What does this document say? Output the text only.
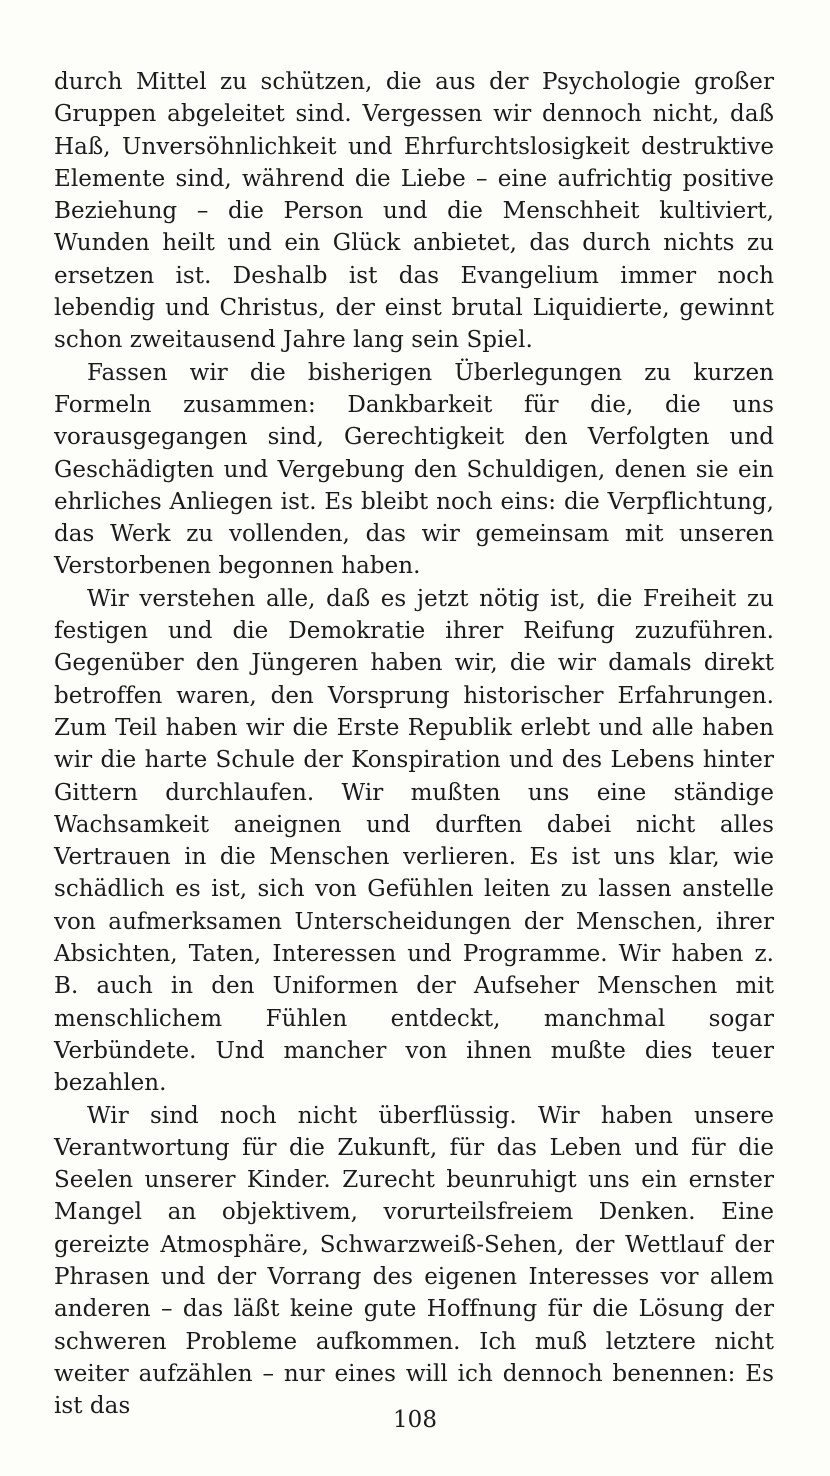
durch Mittel zu schützen, die aus der Psychologie großer Gruppen abgeleitet sind. Vergessen wir dennoch nicht, daß Haß, Unversöhnlichkeit und Ehrfurchtslosigkeit destruktive Elemente sind, während die Liebe – eine aufrichtig positive Beziehung – die Person und die Menschheit kultiviert, Wunden heilt und ein Glück anbietet, das durch nichts zu ersetzen ist. Deshalb ist das Evangelium immer noch lebendig und Christus, der einst brutal Liquidierte, gewinnt schon zweitausend Jahre lang sein Spiel.

Fassen wir die bisherigen Überlegungen zu kurzen Formeln zusammen: Dankbarkeit für die, die uns vorausgegangen sind, Gerechtigkeit den Verfolgten und Geschädigten und Vergebung den Schuldigen, denen sie ein ehrliches Anliegen ist. Es bleibt noch eins: die Verpflichtung, das Werk zu vollenden, das wir gemeinsam mit unseren Verstorbenen begonnen haben.

Wir verstehen alle, daß es jetzt nötig ist, die Freiheit zu festigen und die Demokratie ihrer Reifung zuzuführen. Gegenüber den Jüngeren haben wir, die wir damals direkt betroffen waren, den Vorsprung historischer Erfahrungen. Zum Teil haben wir die Erste Republik erlebt und alle haben wir die harte Schule der Konspiration und des Lebens hinter Gittern durchlaufen. Wir mußten uns eine ständige Wachsamkeit aneignen und durften dabei nicht alles Vertrauen in die Menschen verlieren. Es ist uns klar, wie schädlich es ist, sich von Gefühlen leiten zu lassen anstelle von aufmerksamen Unterscheidungen der Menschen, ihrer Absichten, Taten, Interessen und Programme. Wir haben z. B. auch in den Uniformen der Aufseher Menschen mit menschlichem Fühlen entdeckt, manchmal sogar Verbündete. Und mancher von ihnen mußte dies teuer bezahlen.

Wir sind noch nicht überflüssig. Wir haben unsere Verantwortung für die Zukunft, für das Leben und für die Seelen unserer Kinder. Zurecht beunruhigt uns ein ernster Mangel an objektivem, vorurteilsfreiem Denken. Eine gereizte Atmosphäre, Schwarzweiß-Sehen, der Wettlauf der Phrasen und der Vorrang des eigenen Interesses vor allem anderen – das läßt keine gute Hoffnung für die Lösung der schweren Probleme aufkommen. Ich muß letztere nicht weiter aufzählen – nur eines will ich dennoch benennen: Es ist das

108
